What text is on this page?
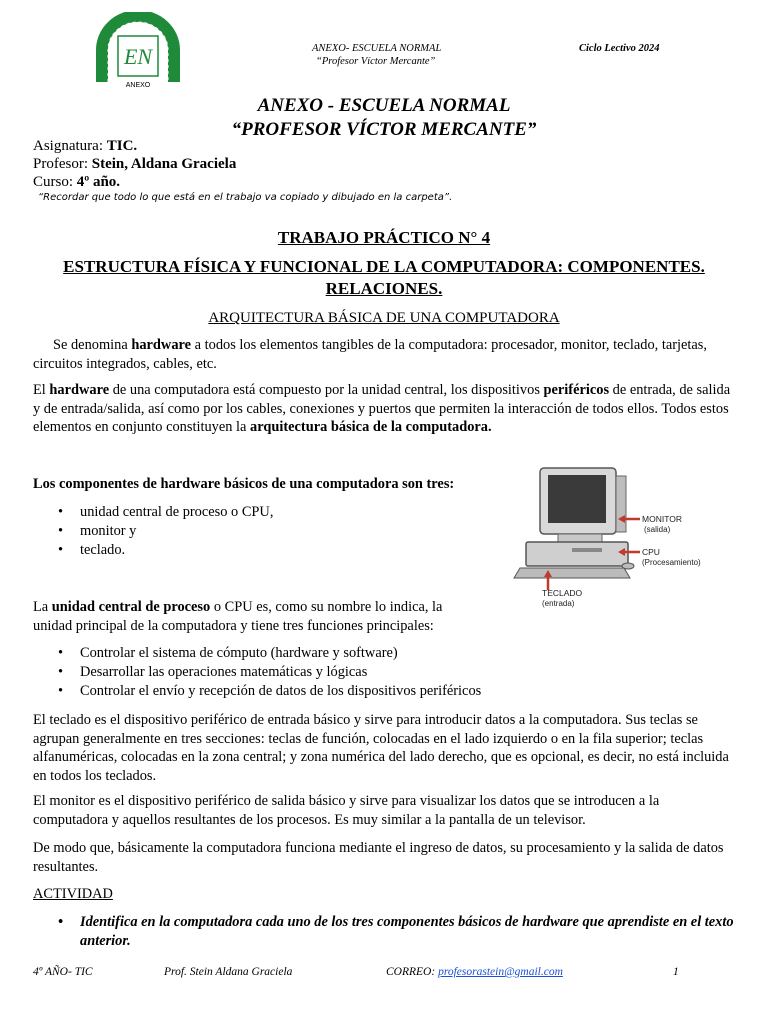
EN
ANEXO
ANEXO- ESCUELA NORMAL
“Profesor Víctor Mercante”
Ciclo Lectivo 2024
ANEXO - ESCUELA NORMAL
“PROFESOR VÍCTOR MERCANTE”
Asignatura: TIC.
Profesor: Stein, Aldana Graciela
Curso: 4º año.
“Recordar que todo lo que está en el trabajo va copiado y dibujado en la carpeta”.
TRABAJO PRÁCTICO N° 4
ESTRUCTURA FÍSICA Y FUNCIONAL DE LA COMPUTADORA: COMPONENTES. RELACIONES.
ARQUITECTURA BÁSICA DE UNA COMPUTADORA
Se denomina hardware a todos los elementos tangibles de la computadora: procesador, monitor, teclado, tarjetas, circuitos integrados, cables, etc.
El hardware de una computadora está compuesto por la unidad central, los dispositivos periféricos de entrada, de salida y de entrada/salida, así como por los cables, conexiones y puertos que permiten la interacción de todos ellos. Todos estos elementos en conjunto constituyen la arquitectura básica de la computadora.
Los componentes de hardware básicos de una computadora son tres:
• unidad central de proceso o CPU,
• monitor y
• teclado.
MONITOR
(salida)
CPU
(Procesamiento)
TECLADO
(entrada)
La unidad central de proceso o CPU es, como su nombre lo indica, la unidad principal de la computadora y tiene tres funciones principales:
• Controlar el sistema de cómputo (hardware y software)
• Desarrollar las operaciones matemáticas y lógicas
• Controlar el envío y recepción de datos de los dispositivos periféricos
El teclado es el dispositivo periférico de entrada básico y sirve para introducir datos a la computadora. Sus teclas se agrupan generalmente en tres secciones: teclas de función, colocadas en el lado izquierdo o en la fila superior; teclas alfanuméricas, colocadas en la zona central; y zona numérica del lado derecho, que es opcional, es decir, no está incluida en todos los teclados.
El monitor es el dispositivo periférico de salida básico y sirve para visualizar los datos que se introducen a la computadora y aquellos resultantes de los procesos. Es muy similar a la pantalla de un televisor.
De modo que, básicamente la computadora funciona mediante el ingreso de datos, su procesamiento y la salida de datos resultantes.
ACTIVIDAD
• Identifica en la computadora cada uno de los tres componentes básicos de hardware que aprendiste en el texto anterior.
4º AÑO- TIC	Prof. Stein Aldana Graciela	CORREO: profesorastein@gmail.com	1
